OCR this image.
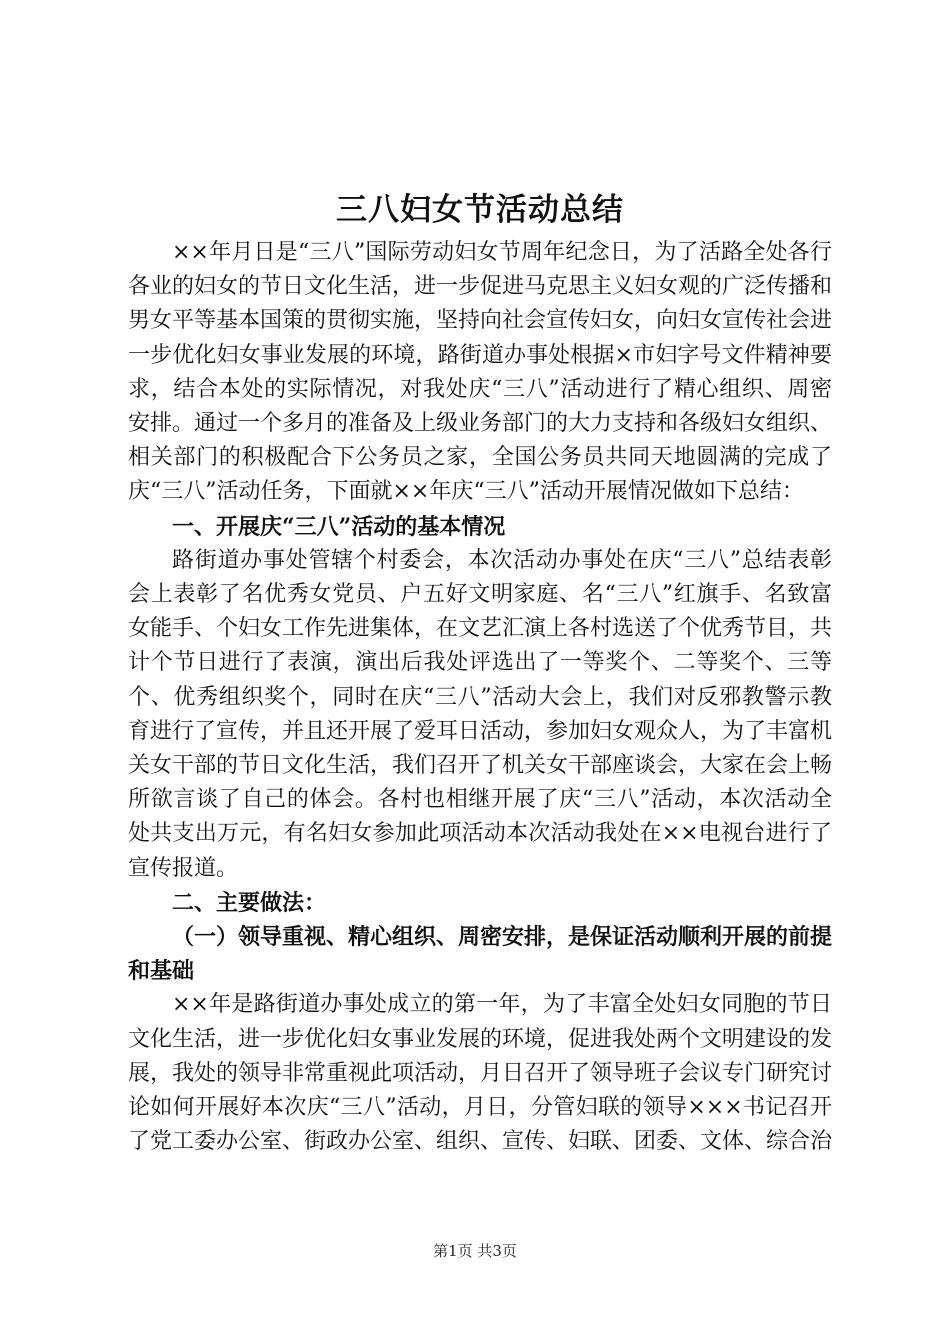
三八妇女节活动总结

××年月日是“三八”国际劳动妇女节周年纪念日，为了活路全处各行各业的妇女的节日文化生活，进一步促进马克思主义妇女观的广泛传播和男女平等基本国策的贯彻实施，坚持向社会宣传妇女，向妇女宣传社会进一步优化妇女事业发展的环境，路街道办事处根据×市妇字号文件精神要求，结合本处的实际情况，对我处庆“三八”活动进行了精心组织、周密安排。通过一个多月的准备及上级业务部门的大力支持和各级妇女组织、相关部门的积极配合下公务员之家，全国公务员共同天地圆满的完成了庆“三八”活动任务，下面就××年庆“三八”活动开展情况做如下总结：

一、开展庆“三八”活动的基本情况

路街道办事处管辖个村委会，本次活动办事处在庆“三八”总结表彰会上表彰了名优秀女党员、户五好文明家庭、名“三八”红旗手、名致富女能手、个妇女工作先进集体，在文艺汇演上各村选送了个优秀节目，共计个节日进行了表演，演出后我处评选出了一等奖个、二等奖个、三等个、优秀组织奖个，同时在庆“三八”活动大会上，我们对反邪教警示教育进行了宣传，并且还开展了爱耳日活动，参加妇女观众人，为了丰富机关女干部的节日文化生活，我们召开了机关女干部座谈会，大家在会上畅所欲言谈了自己的体会。各村也相继开展了庆“三八”活动，本次活动全处共支出万元，有名妇女参加此项活动本次活动我处在××电视台进行了宣传报道。

二、主要做法：

（一）领导重视、精心组织、周密安排，是保证活动顺利开展的前提和基础

××年是路街道办事处成立的第一年，为了丰富全处妇女同胞的节日文化生活，进一步优化妇女事业发展的环境，促进我处两个文明建设的发展，我处的领导非常重视此项活动，月日召开了领导班子会议专门研究讨论如何开展好本次庆“三八”活动，月日，分管妇联的领导×××书记召开了党工委办公室、街政办公室、组织、宣传、妇联、团委、文体、综合治

第1页 共3页
